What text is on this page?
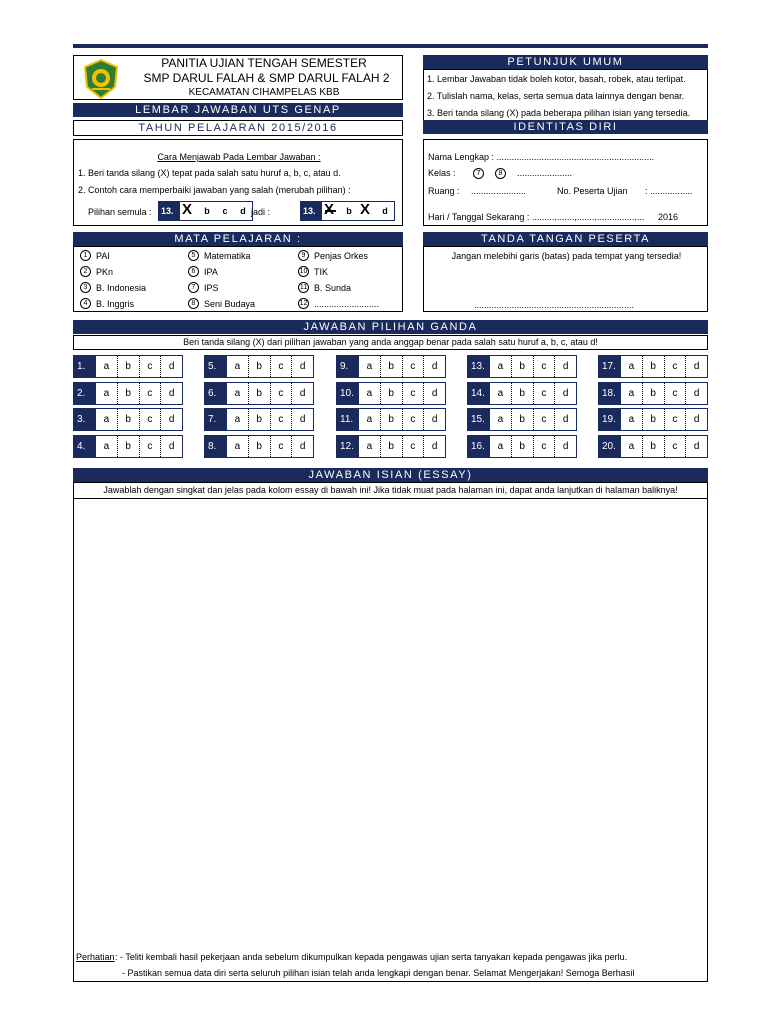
PANITIA UJIAN TENGAH SEMESTER
SMP DARUL FALAH & SMP DARUL FALAH 2
KECAMATAN CIHAMPELAS KBB
LEMBAR JAWABAN UTS GENAP
TAHUN PELAJARAN 2015/2016
Cara Menjawab Pada Lembar Jawaban :
1. Beri tanda silang (X) tepat pada salah satu huruf a, b, c, atau d.
2. Contoh cara memperbaiki jawaban yang salah (merubah pilihan) :
Pilihan semula : 13. X	b	c	d jadi :	13.	b X	d
PETUNJUK UMUM
1. Lembar Jawaban tidak boleh kotor, basah, robek, atau terlipat.
2. Tulislah nama, kelas, serta semua data lainnya dengan benar.
3. Beri tanda silang (X) pada beberapa pilihan isian yang tersedia.
IDENTITAS DIRI
Nama Lengkap : ...............................................................
Kelas :	7	8	......................
Ruang : ......................	No. Peserta Ujian : .................
Hari / Tanggal Sekarang : .................,........................... 2016
MATA PELAJARAN :
1 PAI
2 PKn
3 B. Indonesia
4 B. Inggris
5 Matematika
6 IPA
7 IPS
8 Seni Budaya
9 Penjas Orkes
10 TIK
11 B. Sunda
12 ..........................
TANDA TANGAN PESERTA
Jangan melebihi garis (batas) pada tempat yang tersedia!
................................................................
JAWABAN PILIHAN GANDA
Beri tanda silang (X) dari pilihan jawaban yang anda anggap benar pada salah satu huruf a, b, c, atau d!
1.	a	b	c	d
2.	a	b	c	d
3.	a	b	c	d
4.	a	b	c	d
5.	a	b	c	d
6.	a	b	c	d
7.	a	b	c	d
8.	a	b	c	d
9.	a	b	c	d
10.	a	b	c	d
11.	a	b	c	d
12.	a	b	c	d
13.	a	b	c	d
14.	a	b	c	d
15.	a	b	c	d
16.	a	b	c	d
17.	a	b	c	d
18.	a	b	c	d
19.	a	b	c	d
20.	a	b	c	d
JAWABAN ISIAN (ESSAY)
Jawablah dengan singkat dan jelas pada kolom essay di bawah ini! Jika tidak muat pada halaman ini, dapat anda lanjutkan di halaman baliknya!
Perhatian : - Teliti kembali hasil pekerjaan anda sebelum dikumpulkan kepada pengawas ujian serta tanyakan kepada pengawas jika perlu.
- Pastikan semua data diri serta seluruh pilihan isian telah anda lengkapi dengan benar. Selamat Mengerjakan! Semoga Berhasil
